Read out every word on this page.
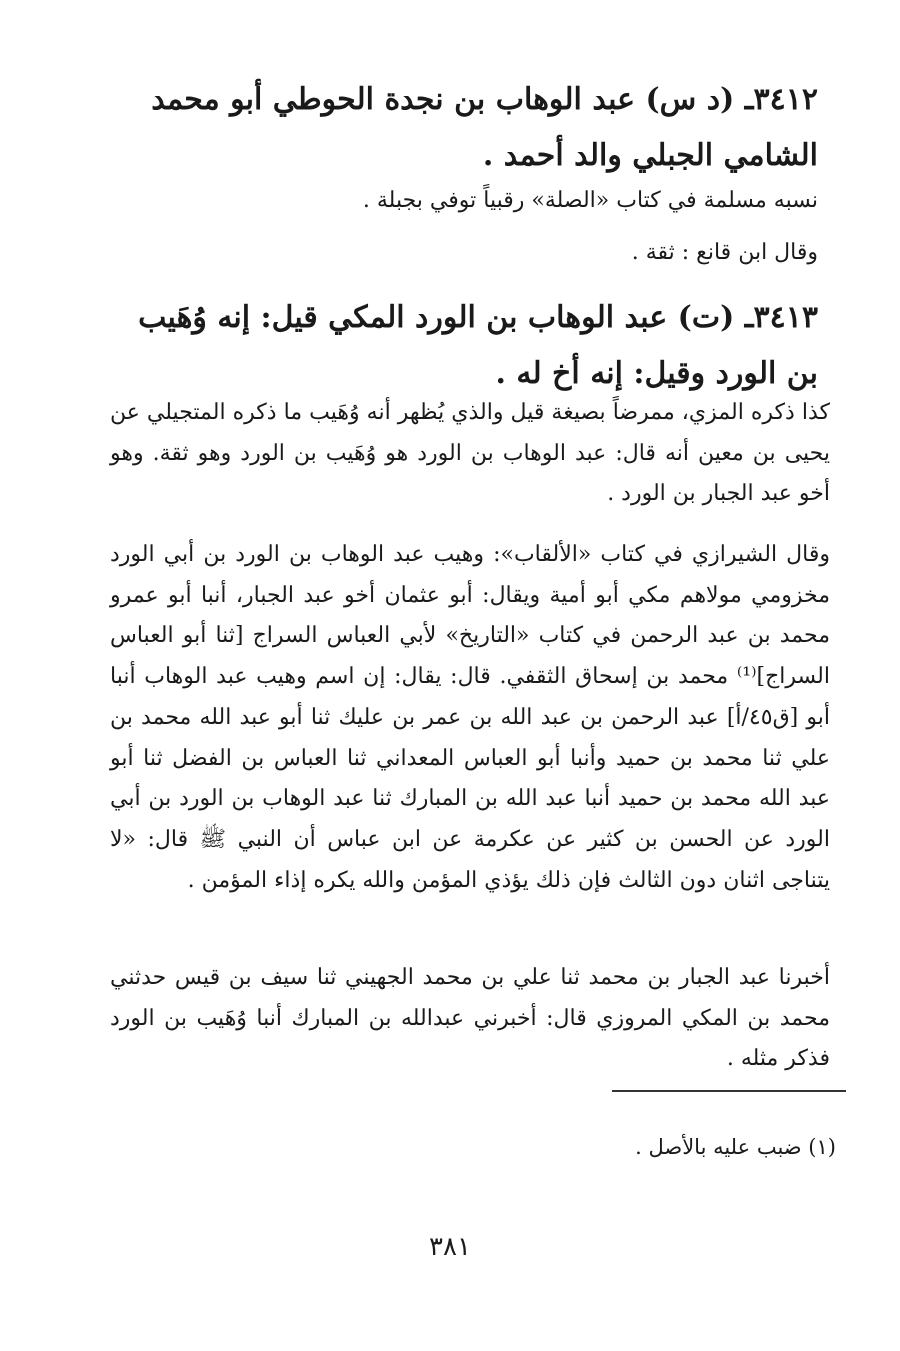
٣٤١٢ـ (د س) عبد الوهاب بن نجدة الحوطي أبو محمد الشامي الجبلي والد أحمد .
نسبه مسلمة في كتاب «الصلة» رقبياً توفي بجبلة .
وقال ابن قانع : ثقة .
٣٤١٣ـ (ت) عبد الوهاب بن الورد المكي قيل: إنه وُهَيب بن الورد وقيل: إنه أخ له .

كذا ذكره المزي، ممرضاً بصيغة قيل والذي يُظهر أنه وُهَيب ما ذكره المتجيلي عن يحيى بن معين أنه قال: عبد الوهاب بن الورد هو وُهَيب بن الورد وهو ثقة. وهو أخو عبد الجبار بن الورد .

وقال الشيرازي في كتاب «الألقاب»: وهيب عبد الوهاب بن الورد بن أبي الورد مخزومي مولاهم مكي أبو أمية ويقال: أبو عثمان أخو عبد الجبار، أنبا أبو عمرو محمد بن عبد الرحمن في كتاب «التاريخ» لأبي العباس السراج [ثنا أبو العباس السراج]⁽¹⁾ محمد بن إسحاق الثقفي. قال: يقال: إن اسم وهيب عبد الوهاب أنبا أبو [ق٤٥/أ] عبد الرحمن بن عبد الله بن عمر بن عليك ثنا أبو عبد الله محمد بن علي ثنا محمد بن حميد وأنبا أبو العباس المعداني ثنا العباس بن الفضل ثنا أبو عبد الله محمد بن حميد أنبا عبد الله بن المبارك ثنا عبد الوهاب بن الورد بن أبي الورد عن الحسن بن كثير عن عكرمة عن ابن عباس أن النبي ﷺ قال: «لا يتناجى اثنان دون الثالث فإن ذلك يؤذي المؤمن والله يكره إذاء المؤمن .

أخبرنا عبد الجبار بن محمد ثنا علي بن محمد الجهيني ثنا سيف بن قيس حدثني محمد بن المكي المروزي قال: أخبرني عبدالله بن المبارك أنبا وُهَيب بن الورد فذكر مثله .

(١) ضبب عليه بالأصل .
٣٨١
